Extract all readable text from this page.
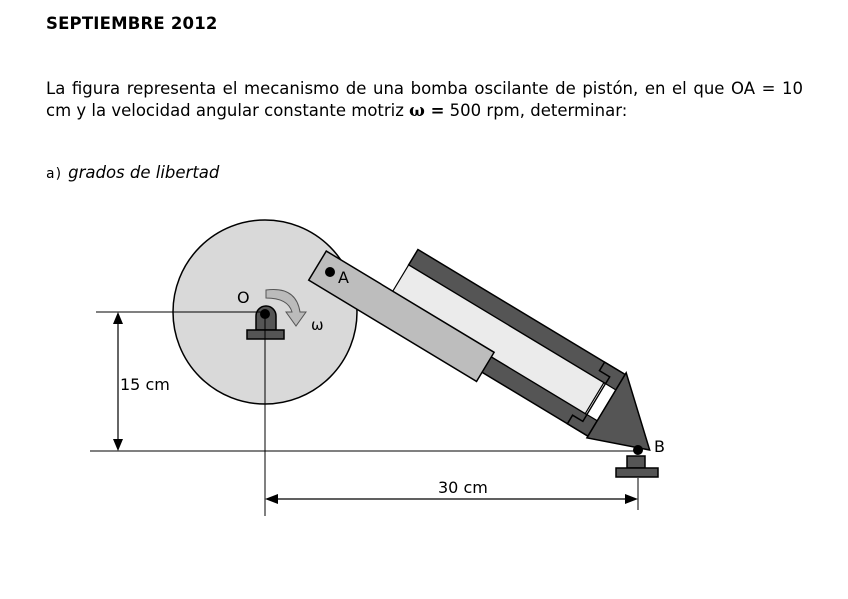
SEPTIEMBRE 2012

La figura representa el mecanismo de una bomba oscilante de pistón, en el que OA = 10 cm y la velocidad angular constante motriz ω = 500 rpm, determinar:

a) grados de libertad

O
A
B
ω
15 cm
30 cm
